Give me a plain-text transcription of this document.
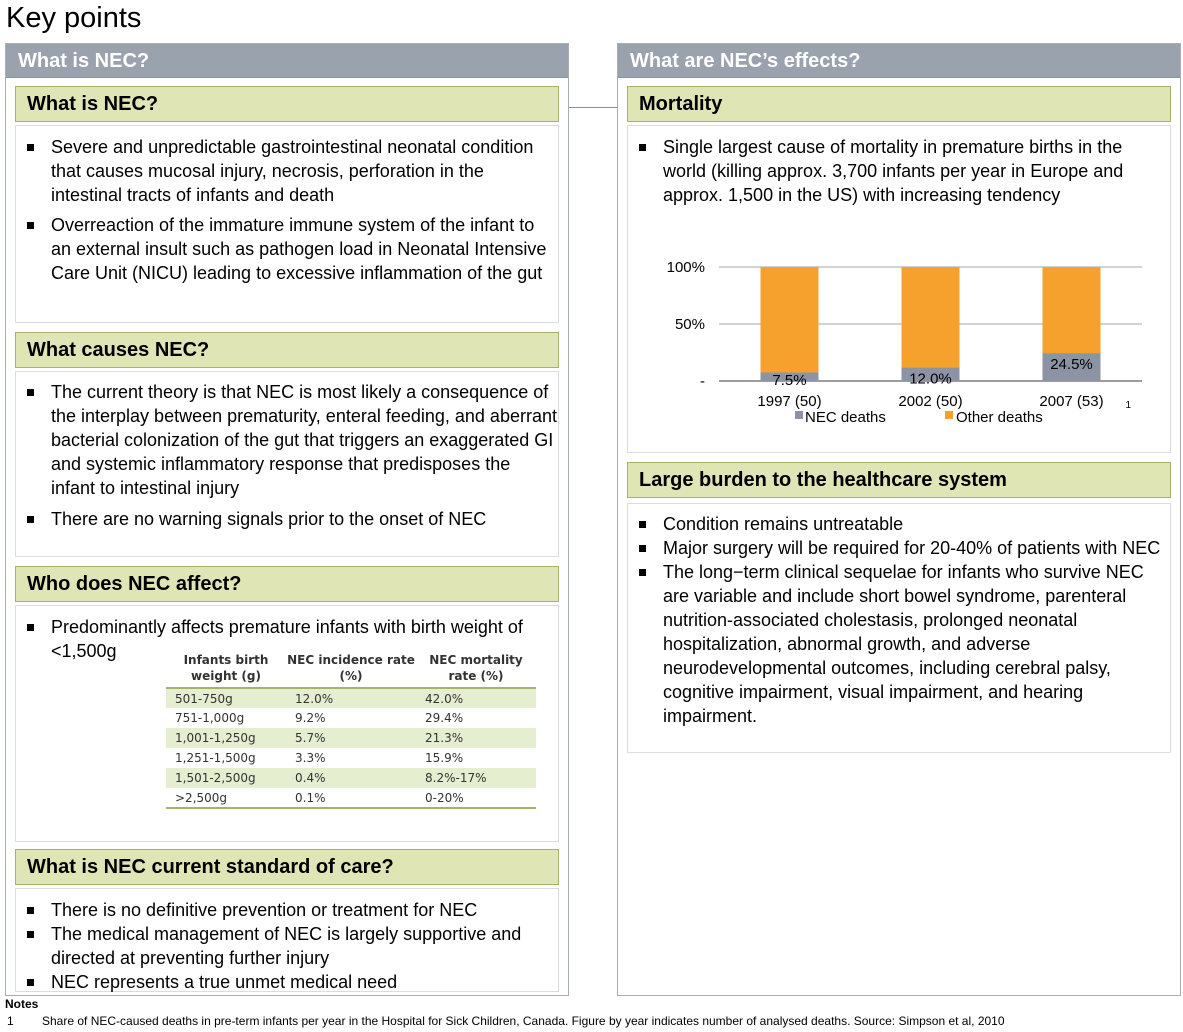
Key points
What is NEC?
What is NEC?
Severe and unpredictable gastrointestinal neonatal condition that causes mucosal injury, necrosis, perforation in the intestinal tracts of infants and death
Overreaction of the immature immune system of the infant to an external insult such as pathogen load in Neonatal Intensive Care Unit (NICU) leading to excessive inflammation of the gut
What causes NEC?
The current theory is that NEC is most likely a consequence of the interplay between prematurity, enteral feeding, and aberrant bacterial colonization of the gut that triggers an exaggerated GI and systemic inflammatory response that predisposes the infant to intestinal injury
There are no warning signals prior to the onset of NEC
Who does NEC affect?
Predominantly affects premature infants with birth weight of <1,500g	Infants birth weight (g)	NEC incidence rate (%)	NEC mortality rate (%)
501-750g	12.0%	42.0%
751-1,000g	9.2%	29.4%
1,001-1,250g	5.7%	21.3%
1,251-1,500g	3.3%	15.9%
1,501-2,500g	0.4%	8.2%-17%
>2,500g	0.1%	0-20%
What is NEC current standard of care?
There is no definitive prevention or treatment for NEC
The medical management of NEC is largely supportive and directed at preventing further injury
NEC represents a true unmet medical need
What are NEC’s effects?
Mortality
Single largest cause of mortality in premature births in the world (killing approx. 3,700 infants per year in Europe and approx. 1,500 in the US) with increasing tendency
-
50%
100%
7.5%
1997 (50)
12.0%
2002 (50)
24.5%
2007 (53) 1
NEC deaths	Other deaths
Large burden to the healthcare system
Condition remains untreatable
Major surgery will be required for 20-40% of patients with NEC
The long−term clinical sequelae for infants who survive NEC are variable and include short bowel syndrome, parenteral nutrition-associated cholestasis, prolonged neonatal hospitalization, abnormal growth, and adverse neurodevelopmental outcomes, including cerebral palsy, cognitive impairment, visual impairment, and hearing impairment.
Notes
1 Share of NEC-caused deaths in pre-term infants per year in the Hospital for Sick Children, Canada. Figure by year indicates number of analysed deaths. Source: Simpson et al, 2010
